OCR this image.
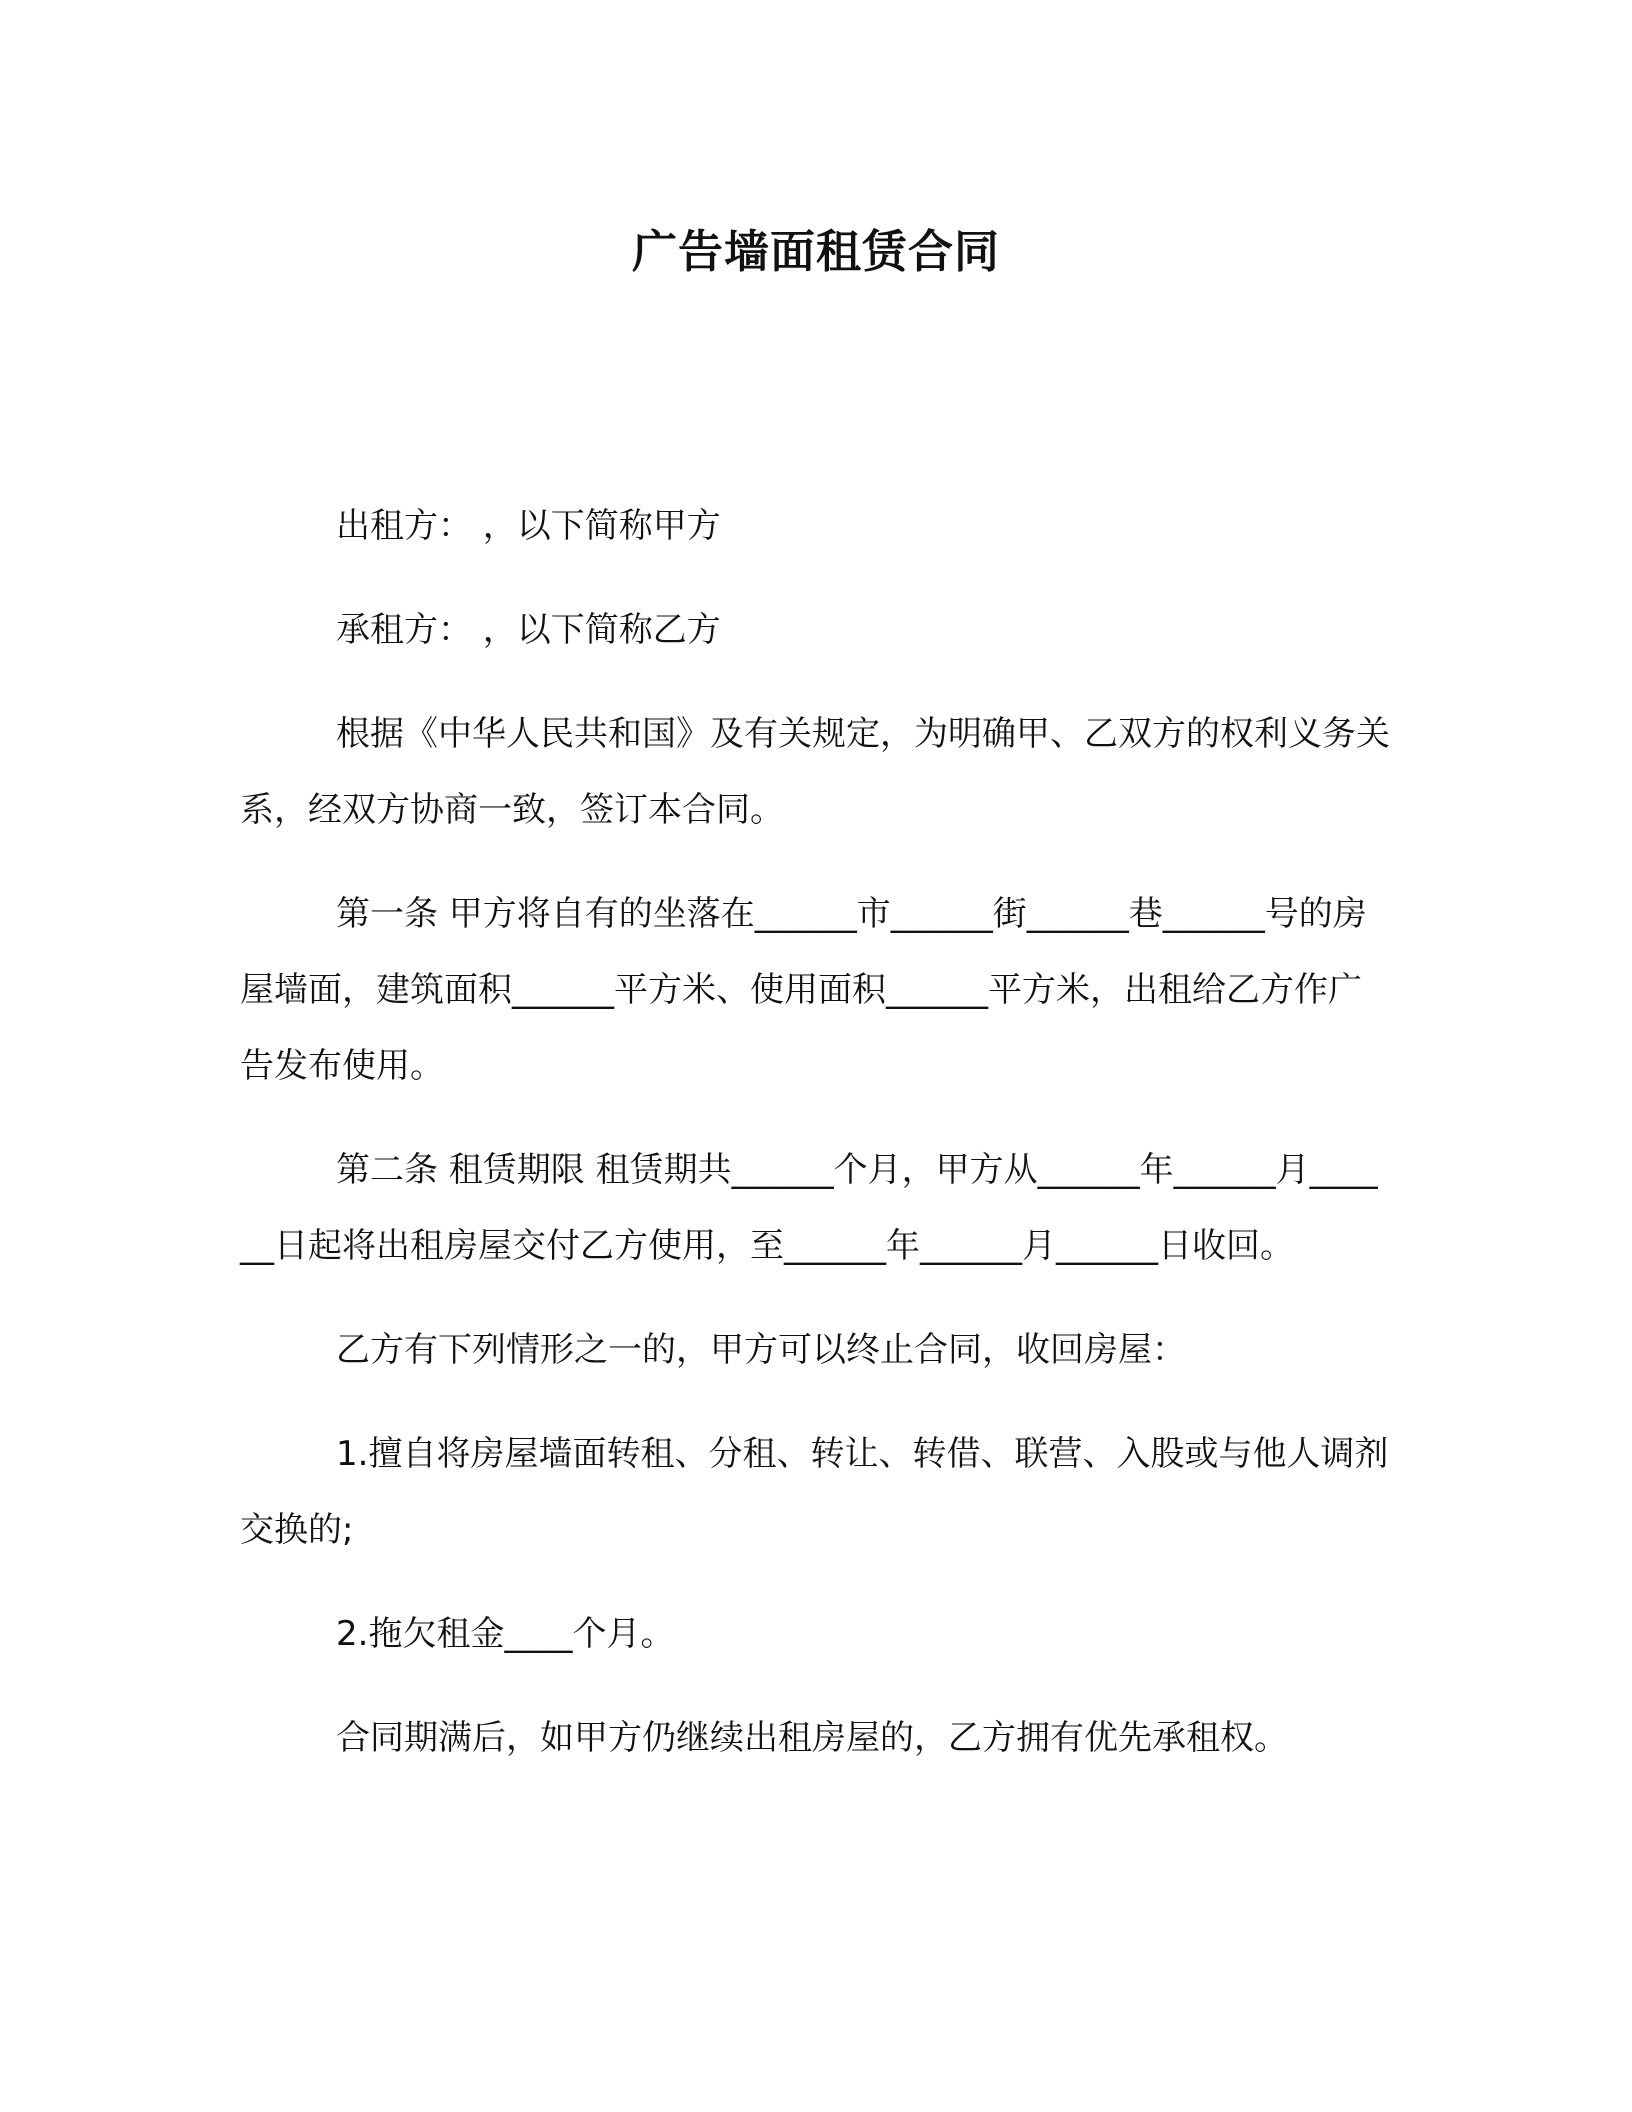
广告墙面租赁合同

出租方： ，以下简称甲方

承租方： ，以下简称乙方

根据《中华人民共和国》及有关规定，为明确甲、乙双方的权利义务关系，经双方协商一致，签订本合同。

第一条 甲方将自有的坐落在______市______街______巷______号的房屋墙面，建筑面积______平方米、使用面积______平方米，出租给乙方作广告发布使用。

第二条 租赁期限 租赁期共______个月，甲方从______年______月______日起将出租房屋交付乙方使用，至______年______月______日收回。

乙方有下列情形之一的，甲方可以终止合同，收回房屋：

1.擅自将房屋墙面转租、分租、转让、转借、联营、入股或与他人调剂交换的;

2.拖欠租金____个月。

合同期满后，如甲方仍继续出租房屋的，乙方拥有优先承租权。
